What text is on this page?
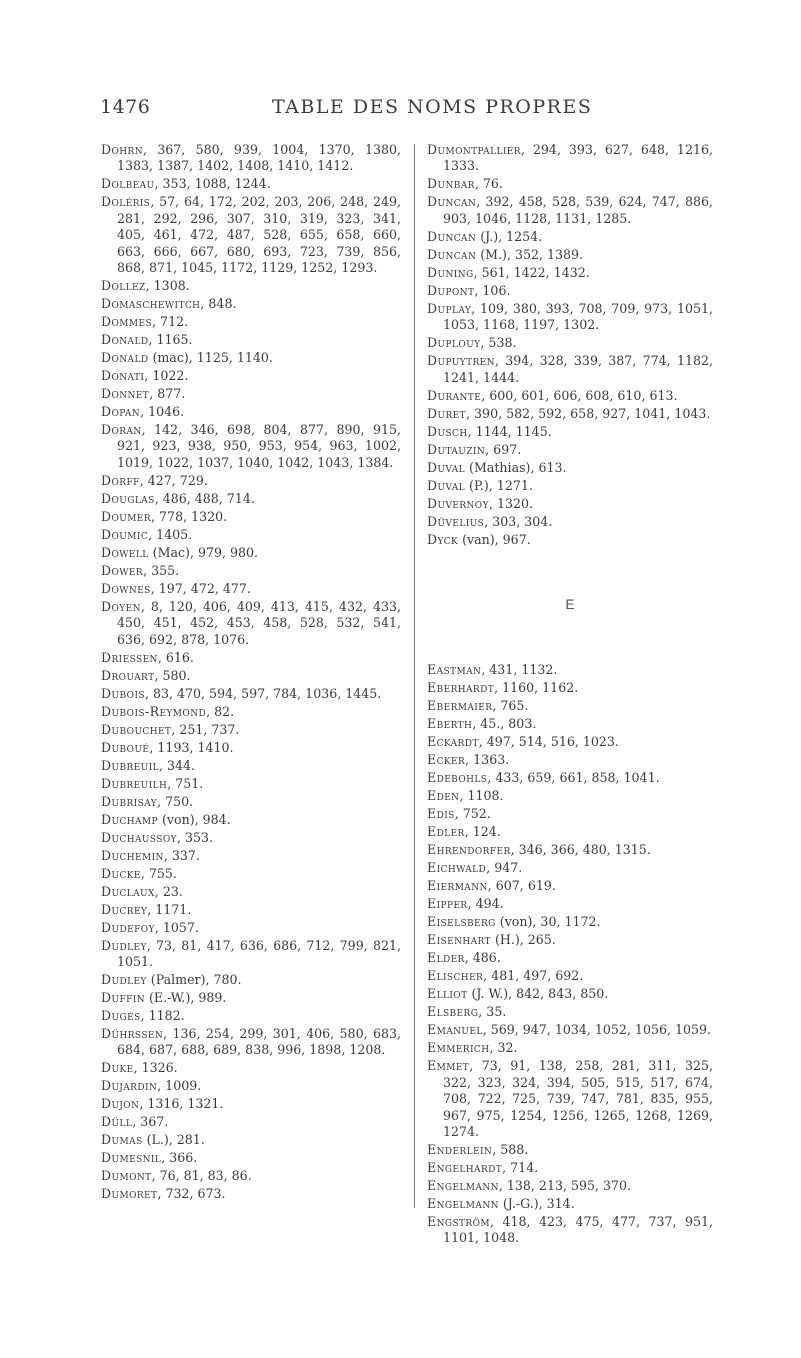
1476	TABLE DES NOMS PROPRES
Dohrn, 367, 580, 939, 1004, 1370, 1380, 1383, 1387, 1402, 1408, 1410, 1412.
Dolbeau, 353, 1088, 1244.
Doléris, 57, 64, 172, 202, 203, 206, 248, 249, 281, 292, 296, 307, 310, 319, 323, 341, 405, 461, 472, 487, 528, 655, 658, 660, 663, 666, 667, 680, 693, 723, 739, 856, 868, 871, 1045, 1172, 1129, 1252, 1293.
Dollez, 1308.
Domaschewitch, 848.
Dommes, 712.
Donald, 1165.
Donald (mac), 1125, 1140.
Donati, 1022.
Donnet, 877.
Dopan, 1046.
Doran, 142, 346, 698, 804, 877, 890, 915, 921, 923, 938, 950, 953, 954, 963, 1002, 1019, 1022, 1037, 1040, 1042, 1043, 1384.
Dorff, 427, 729.
Douglas, 486, 488, 714.
Doumer, 778, 1320.
Doumic, 1405.
Dowell (Mac), 979, 980.
Dower, 355.
Downes, 197, 472, 477.
Doyen, 8, 120, 406, 409, 413, 415, 432, 433, 450, 451, 452, 453, 458, 528, 532, 541, 636, 692, 878, 1076.
Driessen, 616.
Drouart, 580.
Dubois, 83, 470, 594, 597, 784, 1036, 1445.
Dubois-Reymond, 82.
Dubouchet, 251, 737.
Duboué, 1193, 1410.
Dubreuil, 344.
Dubreuilh, 751.
Dubrisay, 750.
Duchamp (von), 984.
Duchaussoy, 353.
Duchemin, 337.
Ducke, 755.
Duclaux, 23.
Ducrey, 1171.
Dudefoy, 1057.
Dudley, 73, 81, 417, 636, 686, 712, 799, 821, 1051.
Dudley (Palmer), 780.
Duffin (E.-W.), 989.
Dugés, 1182.
Dührssen, 136, 254, 299, 301, 406, 580, 683, 684, 687, 688, 689, 838, 996, 1898, 1208.
Duke, 1326.
Dujardin, 1009.
Dujon, 1316, 1321.
Düll, 367.
Dumas (L.), 281.
Dumesnil, 366.
Dumont, 76, 81, 83, 86.
Dumoret, 732, 673.
Dumontpallier, 294, 393, 627, 648, 1216, 1333.
Dunbar, 76.
Duncan, 392, 458, 528, 539, 624, 747, 886, 903, 1046, 1128, 1131, 1285.
Duncan (J.), 1254.
Duncan (M.), 352, 1389.
Duning, 561, 1422, 1432.
Dupont, 106.
Duplay, 109, 380, 393, 708, 709, 973, 1051, 1053, 1168, 1197, 1302.
Duplouy, 538.
Dupuytren, 394, 328, 339, 387, 774, 1182, 1241, 1444.
Durante, 600, 601, 606, 608, 610, 613.
Duret, 390, 582, 592, 658, 927, 1041, 1043.
Dusch, 1144, 1145.
Dutauzin, 697.
Duval (Mathias), 613.
Duval (P.), 1271.
Duvernoy, 1320.
Düvelius, 303, 304.
Dyck (van), 967.
E
Eastman, 431, 1132.
Eberhardt, 1160, 1162.
Ebermaier, 765.
Eberth, 45., 803.
Eckardt, 497, 514, 516, 1023.
Ecker, 1363.
Edebohls, 433, 659, 661, 858, 1041.
Eden, 1108.
Edis, 752.
Edler, 124.
Ehrendorfer, 346, 366, 480, 1315.
Eichwald, 947.
Eiermann, 607, 619.
Eipper, 494.
Eiselsberg (von), 30, 1172.
Eisenhart (H.), 265.
Elder, 486.
Elischer, 481, 497, 692.
Elliot (J. W.), 842, 843, 850.
Elsberg, 35.
Emanuel, 569, 947, 1034, 1052, 1056, 1059.
Emmerich, 32.
Emmet, 73, 91, 138, 258, 281, 311, 325, 322, 323, 324, 394, 505, 515, 517, 674, 708, 722, 725, 739, 747, 781, 835, 955, 967, 975, 1254, 1256, 1265, 1268, 1269, 1274.
Enderlein, 588.
Engelhardt, 714.
Engelmann, 138, 213, 595, 370.
Engelmann (J.-G.), 314.
Engström, 418, 423, 475, 477, 737, 951, 1101, 1048.
